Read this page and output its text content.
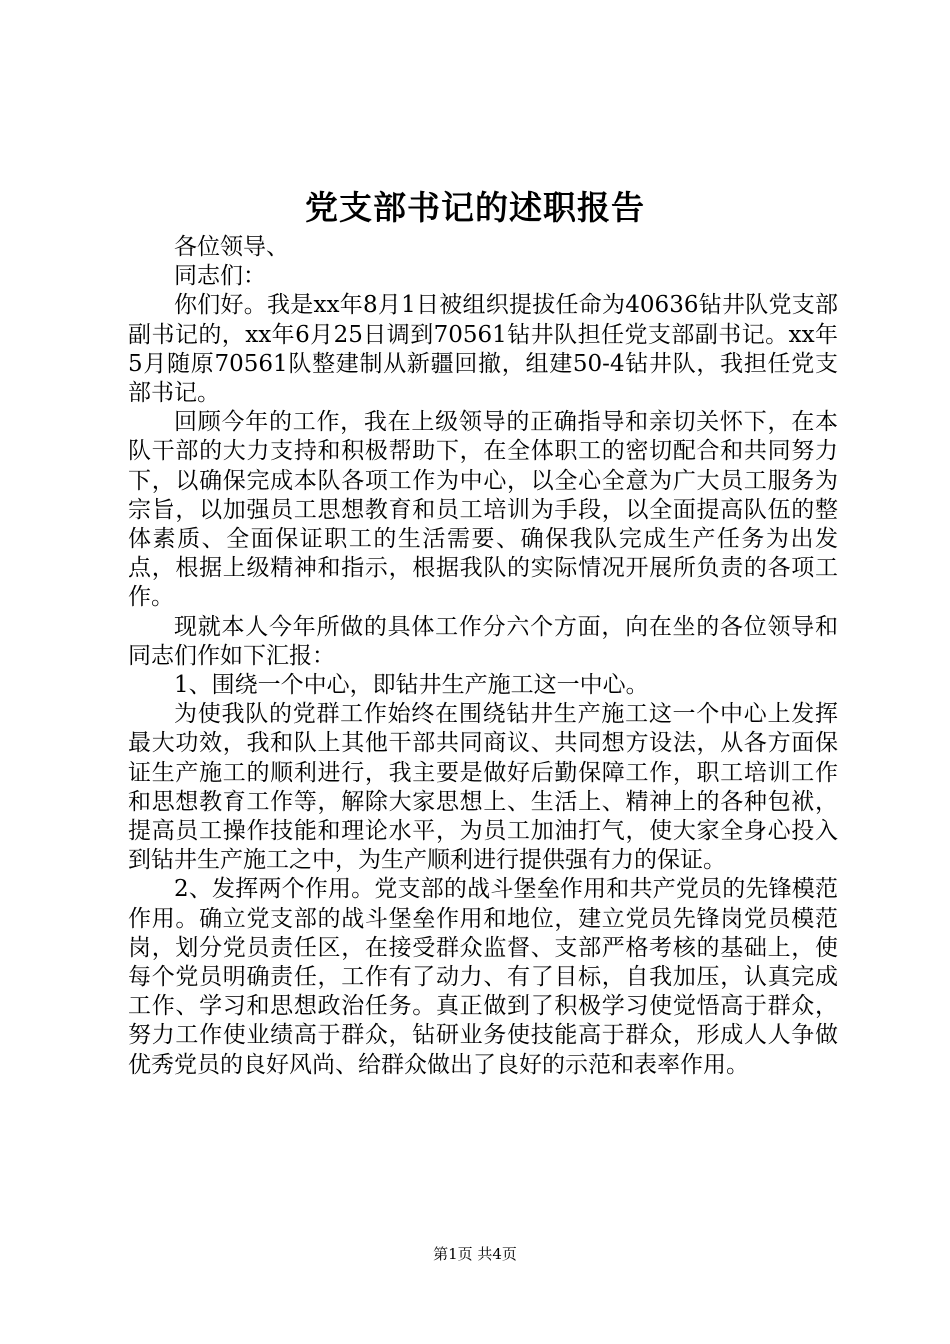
党支部书记的述职报告

各位领导、

同志们：

你们好。我是xx年8月1日被组织提拔任命为40636钻井队党支部副书记的，xx年6月25日调到70561钻井队担任党支部副书记。xx年5月随原70561队整建制从新疆回撤，组建50-4钻井队，我担任党支部书记。

回顾今年的工作，我在上级领导的正确指导和亲切关怀下，在本队干部的大力支持和积极帮助下，在全体职工的密切配合和共同努力下，以确保完成本队各项工作为中心，以全心全意为广大员工服务为宗旨，以加强员工思想教育和员工培训为手段，以全面提高队伍的整体素质、全面保证职工的生活需要、确保我队完成生产任务为出发点，根据上级精神和指示，根据我队的实际情况开展所负责的各项工作。

现就本人今年所做的具体工作分六个方面，向在坐的各位领导和同志们作如下汇报：

1、围绕一个中心，即钻井生产施工这一中心。

为使我队的党群工作始终在围绕钻井生产施工这一个中心上发挥最大功效，我和队上其他干部共同商议、共同想方设法，从各方面保证生产施工的顺利进行，我主要是做好后勤保障工作，职工培训工作和思想教育工作等，解除大家思想上、生活上、精神上的各种包袱，提高员工操作技能和理论水平，为员工加油打气，使大家全身心投入到钻井生产施工之中，为生产顺利进行提供强有力的保证。

2、发挥两个作用。党支部的战斗堡垒作用和共产党员的先锋模范作用。确立党支部的战斗堡垒作用和地位，建立党员先锋岗党员模范岗，划分党员责任区，在接受群众监督、支部严格考核的基础上，使每个党员明确责任，工作有了动力、有了目标，自我加压，认真完成工作、学习和思想政治任务。真正做到了积极学习使觉悟高于群众，努力工作使业绩高于群众，钻研业务使技能高于群众，形成人人争做优秀党员的良好风尚、给群众做出了良好的示范和表率作用。

第1页 共4页
